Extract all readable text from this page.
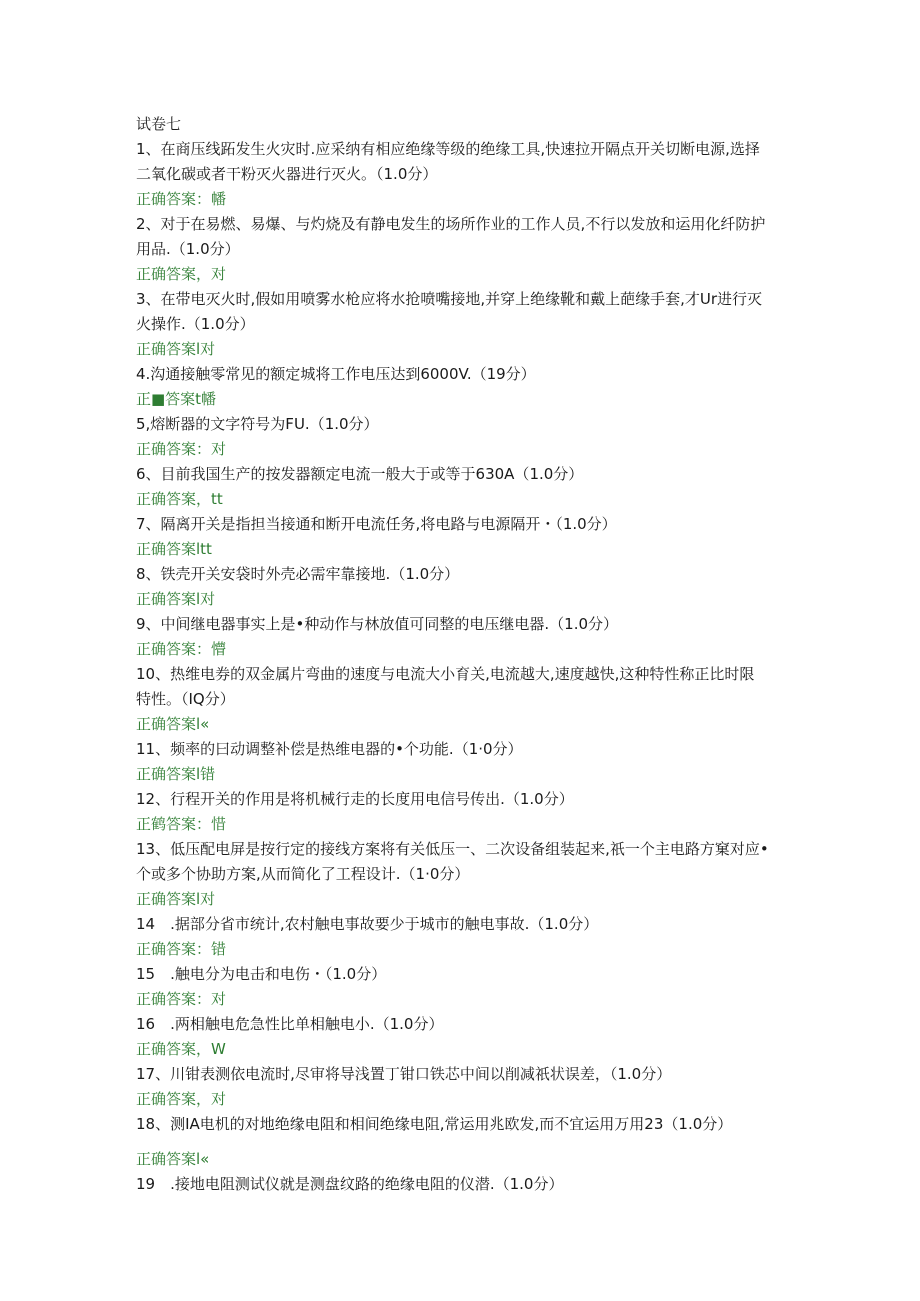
试卷七
1、在商压线跖发生火灾时.应采纳有相应绝缘等级的绝缘工具,快速拉开隔点开关切断电源,选择
二氧化碳或者干粉灭火器进行灭火。（1.0分）
正确答案：幡
2、对于在易燃、易爆、与灼烧及有静电发生的场所作业的工作人员,不行以发放和运用化纤防护
用品.（1.0分）
正确答案，对
3、在带电灭火时,假如用喷雾水枪应将水抢喷嘴接地,并穿上绝缘靴和戴上葩缘手套,才Ur进行灭
火操作.（1.0分）
正确答案l对
4.沟通接触零常见的额定城将工作电压达到6000V.（19分）
正■答案t幡
5,熔断器的文字符号为FU.（1.0分）
正确答案：对
6、目前我国生产的按发器额定电流一般大于或等于630A（1.0分）
正确答案，tt
7、隔离开关是指担当接通和断开电流任务,将电路与电源隔开・（1.0分）
正确答案ltt
8、铁壳开关安袋时外壳必需牢靠接地.（1.0分）
正确答案l对
9、中间继电器事实上是•种动作与林放值可同整的电压继电器.（1.0分）
正确答案：懵
10、热维电券的双金属片弯曲的速度与电流大小育关,电流越大,速度越快,这种特性称正比时限
特性。（IQ分）
正确答案l«
11、频率的曰动调整补偿是热维电器的•个功能.（1·0分）
正确答案l错
12、行程开关的作用是将机械行走的长度用电信号传出.（1.0分）
正鹤答案：惜
13、低压配电屏是按行定的接线方案将有关低压一、二次设备组装起来,祇一个主电路方窠对应•
个或多个协助方案,从而简化了工程设计.（1·0分）
正确答案l对
14　.据部分省市统计,农村触电事故要少于城市的触电事故.（1.0分）
正确答案：错
15　.触电分为电击和电伤・（1.0分）
正确答案：对
16　.两相触电危急性比单相触电小.（1.0分）
正确答案，W
17、川钳表测依电流时,尽审将导浅置丁钳口铁芯中间以削减祇状误差，（1.0分）
正确答案，对
18、测IA电机的对地绝缘电阻和相间绝缘电阻,常运用兆欧发,而不宜运用万用23（1.0分）
正确答案l«
19　.接地电阻测试仪就是测盘纹路的绝缘电阻的仪潜.（1.0分）
